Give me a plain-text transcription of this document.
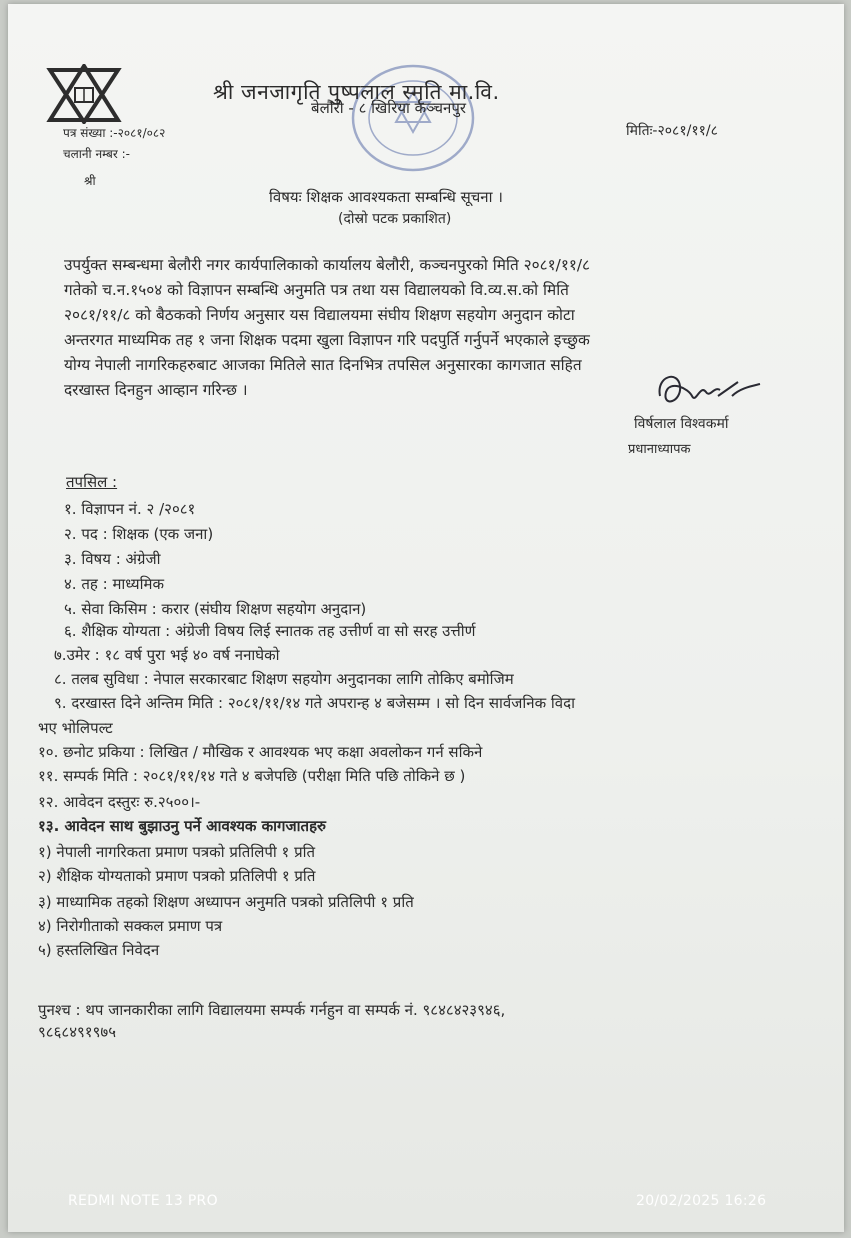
श्री जनजागृति पुष्पलाल स्मृति मा.वि.
बेलौरी - ८ खिरिया कञ्चनपुर
पत्र संख्या :-२०८१/०८२
चलानी नम्बर :-
मितिः-२०८१/११/८
श्री
विषयः शिक्षक आवश्यकता सम्बन्धि सूचना ।
(दोस्रो पटक प्रकाशित)
उपर्युक्त सम्बन्धमा बेलौरी नगर कार्यपालिकाको कार्यालय बेलौरी, कञ्चनपुरको मिति २०८१/११/८
गतेको च.न.१५०४ को विज्ञापन सम्बन्धि अनुमति पत्र तथा यस विद्यालयको वि.व्य.स.को मिति
२०८१/११/८ को बैठकको निर्णय अनुसार यस विद्यालयमा संघीय शिक्षण सहयोग अनुदान कोटा
अन्तरगत माध्यमिक तह १ जना शिक्षक पदमा खुला विज्ञापन गरि पदपुर्ति गर्नुपर्ने भएकाले इच्छुक
योग्य नेपाली नागरिकहरुबाट आजका मितिले सात दिनभित्र तपसिल अनुसारका कागजात सहित
दरखास्त दिनहुन आव्हान गरिन्छ ।
विर्षलाल विश्वकर्मा
प्रधानाध्यापक
तपसिल :
१. विज्ञापन नं. २ /२०८१
२. पद : शिक्षक (एक जना)
३. विषय : अंग्रेजी
४. तह : माध्यमिक
५. सेवा किसिम : करार (संघीय शिक्षण सहयोग अनुदान)
६. शैक्षिक योग्यता : अंग्रेजी विषय लिई स्नातक तह उत्तीर्ण वा सो सरह उत्तीर्ण
७.उमेर : १८ वर्ष पुरा भई ४० वर्ष ननाघेको
८. तलब सुविधा : नेपाल सरकारबाट शिक्षण सहयोग अनुदानका लागि तोकिए बमोजिम
९. दरखास्त दिने अन्तिम मिति : २०८१/११/१४ गते अपरान्ह ४ बजेसम्म । सो दिन सार्वजनिक विदा
भए भोलिपल्ट
१०. छनोट प्रकिया : लिखित / मौखिक र आवश्यक भए कक्षा अवलोकन गर्न सकिने
११. सम्पर्क मिति : २०८१/११/१४ गते ४ बजेपछि (परीक्षा मिति पछि तोकिने छ )
१२. आवेदन दस्तुरः रु.२५००।-
१३. आवेदन साथ बुझाउनु पर्ने आवश्यक कागजातहरु
१) नेपाली नागरिकता प्रमाण पत्रको प्रतिलिपी १ प्रति
२) शैक्षिक योग्यताको प्रमाण पत्रको प्रतिलिपी १ प्रति
३) माध्यामिक तहको शिक्षण अध्यापन अनुमति पत्रको प्रतिलिपी १ प्रति
४) निरोगीताको सक्कल प्रमाण पत्र
५) हस्तलिखित निवेदन
पुनश्च : थप जानकारीका लागि विद्यालयमा सम्पर्क गर्नहुन वा सम्पर्क नं. ९८४८४२३९४६,
९८६८४९१९७५
REDMI NOTE 13 PRO	20/02/2025 16:26
